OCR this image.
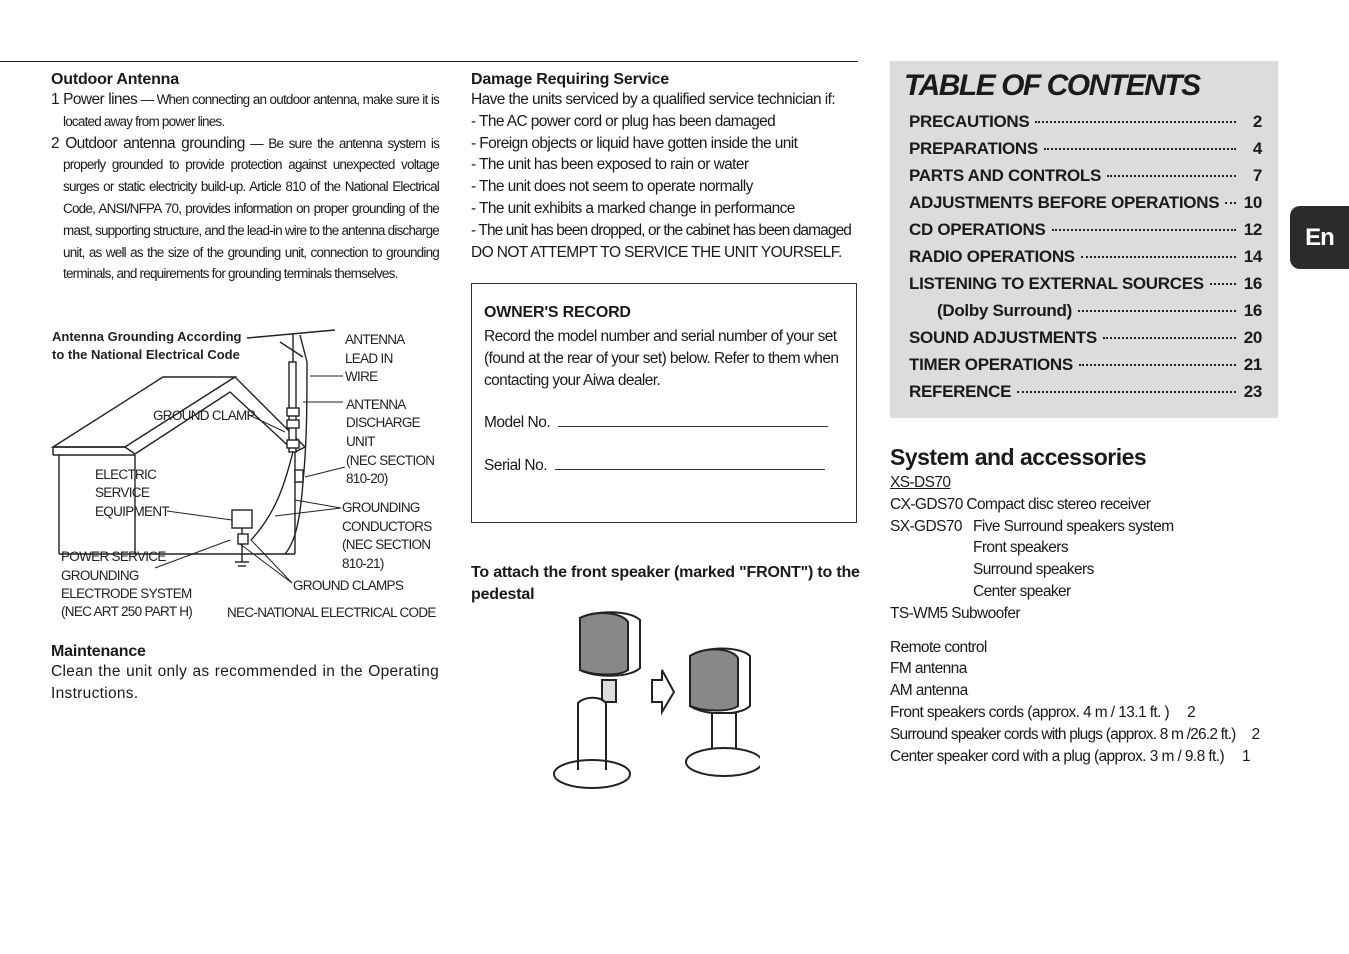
Outdoor Antenna

1 Power lines — When connecting an outdoor antenna, make sure it is located away from power lines.

2 Outdoor antenna grounding — Be sure the antenna system is properly grounded to provide protection against unexpected voltage surges or static electricity build-up. Article 810 of the National Electrical Code, ANSI/NFPA 70, provides information on proper grounding of the mast, supporting structure, and the lead-in wire to the antenna discharge unit, as well as the size of the grounding unit, connection to grounding terminals, and requirements for grounding terminals themselves.

Antenna Grounding According
to the National Electrical Code
ANTENNA
LEAD IN
WIRE
GROUND CLAMP
ANTENNA
DISCHARGE
UNIT
(NEC SECTION
810-20)
ELECTRIC
SERVICE
EQUIPMENT	GROUNDING
CONDUCTORS
(NEC SECTION
810-21)
POWER SERVICE
GROUNDING
ELECTRODE SYSTEM
(NEC ART 250 PART H)
GROUND CLAMPS
NEC-NATIONAL ELECTRICAL CODE

Maintenance

Clean the unit only as recommended in the Operating Instructions.

Damage Requiring Service

Have the units serviced by a qualified service technician if:

- The AC power cord or plug has been damaged

- Foreign objects or liquid have gotten inside the unit

- The unit has been exposed to rain or water

- The unit does not seem to operate normally

- The unit exhibits a marked change in performance

- The unit has been dropped, or the cabinet has been damaged

DO NOT ATTEMPT TO SERVICE THE UNIT YOURSELF.

OWNER'S RECORD

Record the model number and serial number of your set (found at the rear of your set) below. Refer to them when contacting your Aiwa dealer.

Model No.
Serial No.

To attach the front speaker (marked "FRONT") to the pedestal

TABLE OF CONTENTS

PRECAUTIONS	2
PREPARATIONS	4
PARTS AND CONTROLS	7
ADJUSTMENTS BEFORE OPERATIONS 10
CD OPERATIONS	12
RADIO OPERATIONS	14
LISTENING TO EXTERNAL SOURCES 16
(Dolby Surround)	16
SOUND ADJUSTMENTS	20
TIMER OPERATIONS	21
REFERENCE	23
En

System and accessories

XS-DS70

CX-GDS70 Compact disc stereo receiver

SX-GDS70 Five Surround speakers system

Front speakers

Surround speakers

Center speaker

TS-WM5 Subwoofer

Remote control
FM antenna
AM antenna
Front speakers cords (approx. 4 m / 13.1 ft. ) 2
Surround speaker cords with plugs (approx. 8 m /26.2 ft.) 2
Center speaker cord with a plug (approx. 3 m / 9.8 ft.) 1
